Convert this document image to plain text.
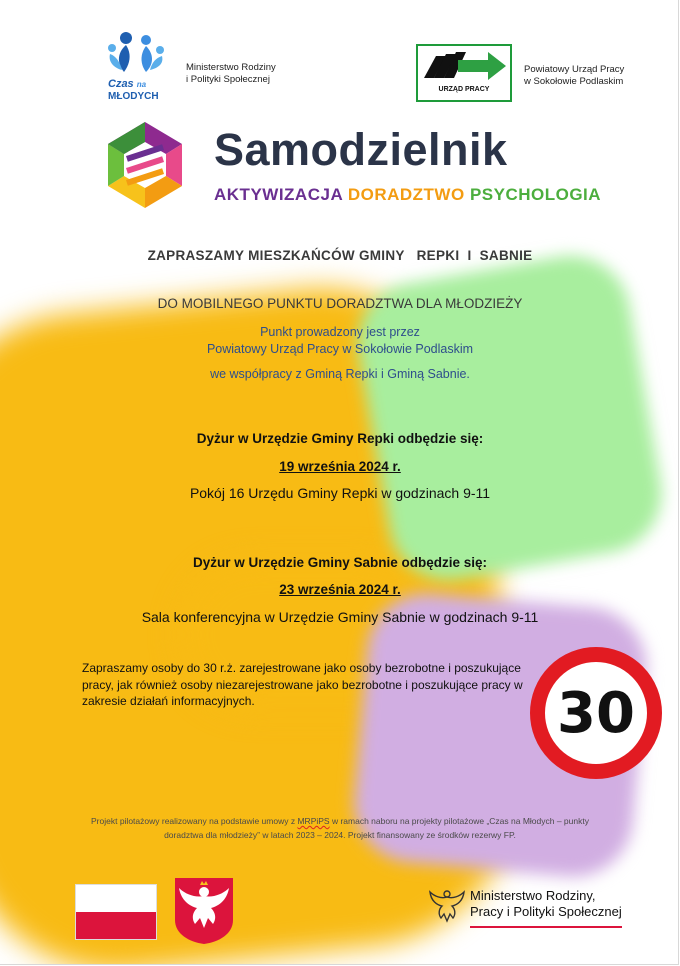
Czas na
MŁODYCH
Ministerstwo Rodziny
i Polityki Społecznej
URZĄD PRACY
Powiatowy Urząd Pracy
w Sokołowie Podlaskim
Samodzielnik
AKTYWIZACJA DORADZTWO PSYCHOLOGIA
ZAPRASZAMY MIESZKAŃCÓW GMINY   REPKI  I  SABNIE
DO MOBILNEGO PUNKTU DORADZTWA DLA MŁODZIEŻY
Punkt prowadzony jest przez
Powiatowy Urząd Pracy w Sokołowie Podlaskim
we współpracy z Gminą Repki i Gminą Sabnie.
Dyżur w Urzędzie Gminy Repki odbędzie się:
19 września 2024 r.
Pokój 16 Urzędu Gminy Repki w godzinach 9-11
Dyżur w Urzędzie Gminy Sabnie odbędzie się:
23 września 2024 r.
Sala konferencyjna w Urzędzie Gminy Sabnie w godzinach 9-11
Zapraszamy osoby do 30 r.ż. zarejestrowane jako osoby bezrobotne i poszukujące pracy, jak również osoby niezarejestrowane jako bezrobotne i poszukujące pracy w zakresie działań informacyjnych.	30
Projekt pilotażowy realizowany na podstawie umowy z MRPiPS w ramach naboru na projekty pilotażowe „Czas na Młodych – punkty doradztwa dla młodzieży” w latach 2023 – 2024. Projekt finansowany ze środków rezerwy FP.
Ministerstwo Rodziny,
Pracy i Polityki Społecznej
